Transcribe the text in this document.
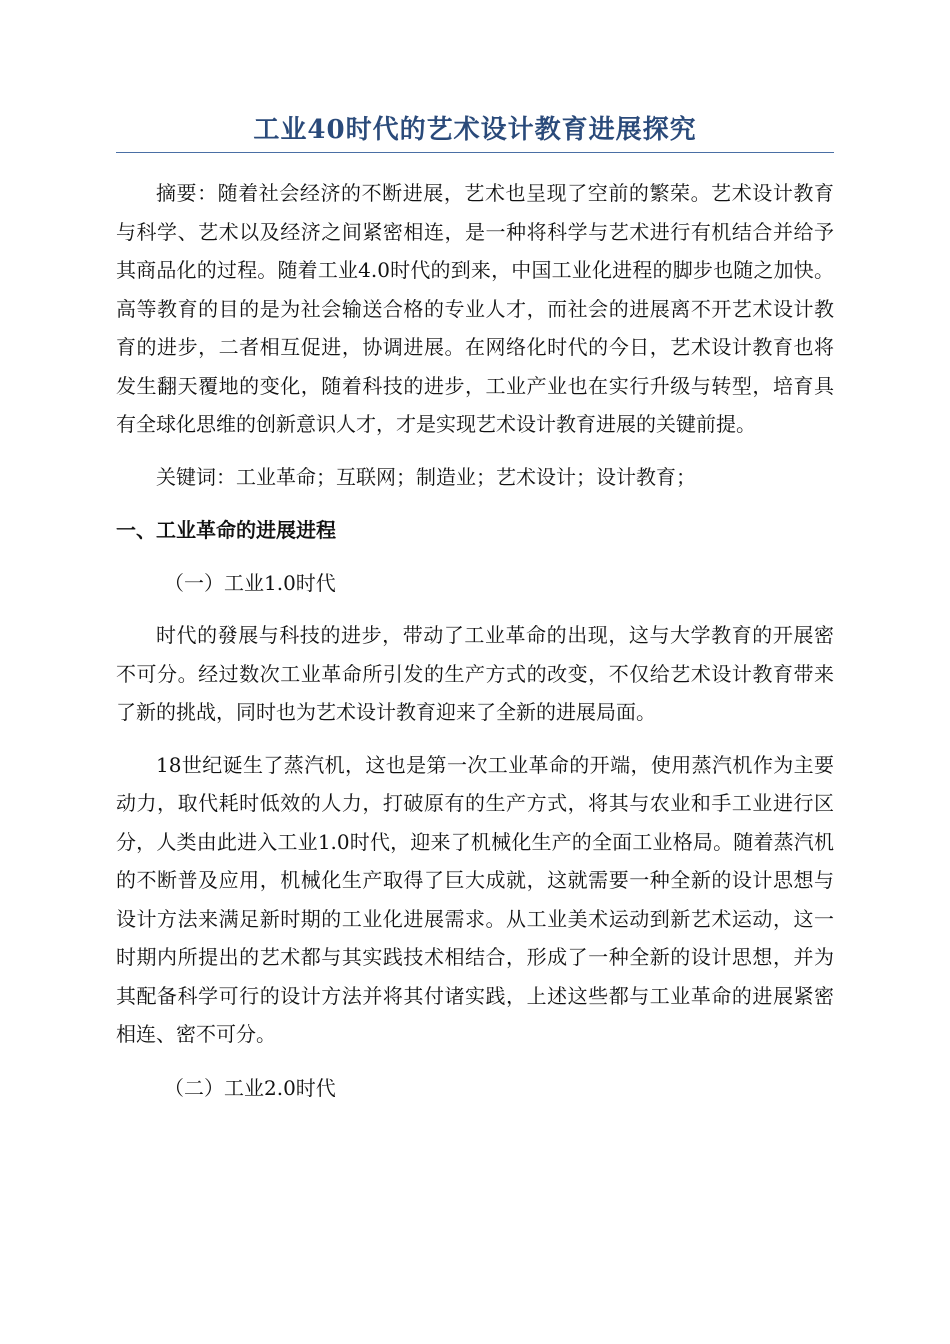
工业40时代的艺术设计教育进展探究

摘要：随着社会经济的不断进展，艺术也呈现了空前的繁荣。艺术设计教育与科学、艺术以及经济之间紧密相连，是一种将科学与艺术进行有机结合并给予其商品化的过程。随着工业4.0时代的到来，中国工业化进程的脚步也随之加快。高等教育的目的是为社会输送合格的专业人才，而社会的进展离不开艺术设计教育的进步，二者相互促进，协调进展。在网络化时代的今日，艺术设计教育也将发生翻天覆地的变化，随着科技的进步，工业产业也在实行升级与转型，培育具有全球化思维的创新意识人才，才是实现艺术设计教育进展的关键前提。

关键词：工业革命；互联网；制造业；艺术设计；设计教育；

一、工业革命的进展进程
（一）工业1.0时代

时代的發展与科技的进步，带动了工业革命的出现，这与大学教育的开展密不可分。经过数次工业革命所引发的生产方式的改变，不仅给艺术设计教育带来了新的挑战，同时也为艺术设计教育迎来了全新的进展局面。

18世纪诞生了蒸汽机，这也是第一次工业革命的开端，使用蒸汽机作为主要动力，取代耗时低效的人力，打破原有的生产方式，将其与农业和手工业进行区分，人类由此进入工业1.0时代，迎来了机械化生产的全面工业格局。随着蒸汽机的不断普及应用，机械化生产取得了巨大成就，这就需要一种全新的设计思想与设计方法来满足新时期的工业化进展需求。从工业美术运动到新艺术运动，这一时期内所提出的艺术都与其实践技术相结合，形成了一种全新的设计思想，并为其配备科学可行的设计方法并将其付诸实践，上述这些都与工业革命的进展紧密相连、密不可分。

（二）工业2.0时代
